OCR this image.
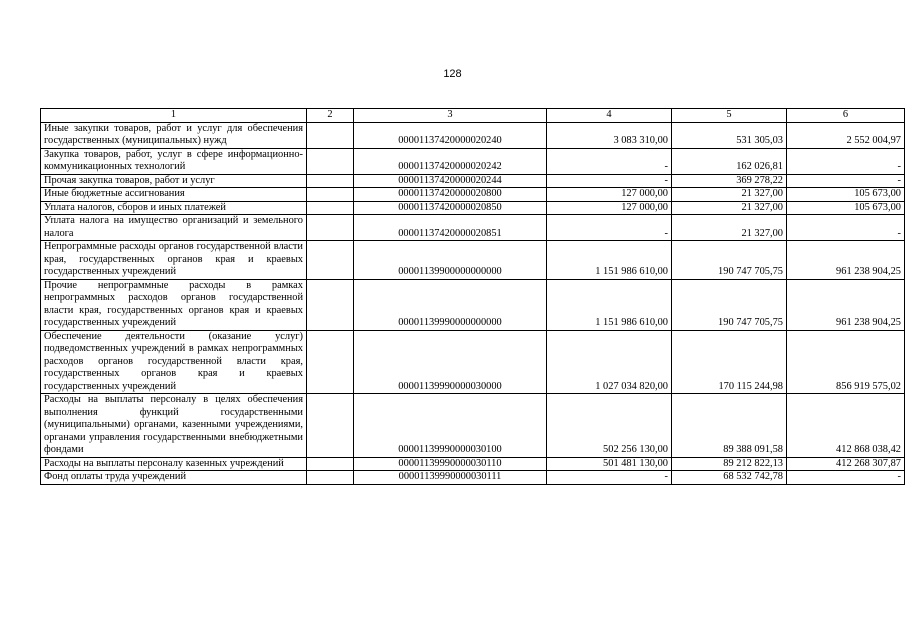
128
1	2	3	4	5	6
Иные закупки товаров, работ и услуг для обеспечения государственных (муниципальных) нужд		00001137420000020240	3 083 310,00	531 305,03	2 552 004,97
Закупка товаров, работ, услуг в сфере информационно-коммуникационных технологий		00001137420000020242	-	162 026,81	-
Прочая закупка товаров, работ и услуг		00001137420000020244	-	369 278,22	-
Иные бюджетные ассигнования		00001137420000020800	127 000,00	21 327,00	105 673,00
Уплата налогов, сборов и иных платежей		00001137420000020850	127 000,00	21 327,00	105 673,00
Уплата налога на имущество организаций и земельного налога		00001137420000020851	-	21 327,00	-
Непрограммные расходы органов государственной власти края, государственных органов края и краевых государственных учреждений		00001139900000000000	1 151 986 610,00	190 747 705,75	961 238 904,25
Прочие непрограммные расходы в рамках непрограммных расходов органов государственной власти края, государственных органов края и краевых государственных учреждений		00001139990000000000	1 151 986 610,00	190 747 705,75	961 238 904,25
Обеспечение деятельности (оказание услуг) подведомственных учреждений в рамках непрограммных расходов органов государственной власти края, государственных органов края и краевых государственных учреждений		00001139990000030000	1 027 034 820,00	170 115 244,98	856 919 575,02
Расходы на выплаты персоналу в целях обеспечения выполнения функций государственными (муниципальными) органами, казенными учреждениями, органами управления государственными внебюджетными фондами		00001139990000030100	502 256 130,00	89 388 091,58	412 868 038,42
Расходы на выплаты персоналу казенных учреждений		00001139990000030110	501 481 130,00	89 212 822,13	412 268 307,87
Фонд оплаты труда учреждений		00001139990000030111	-	68 532 742,78	-
